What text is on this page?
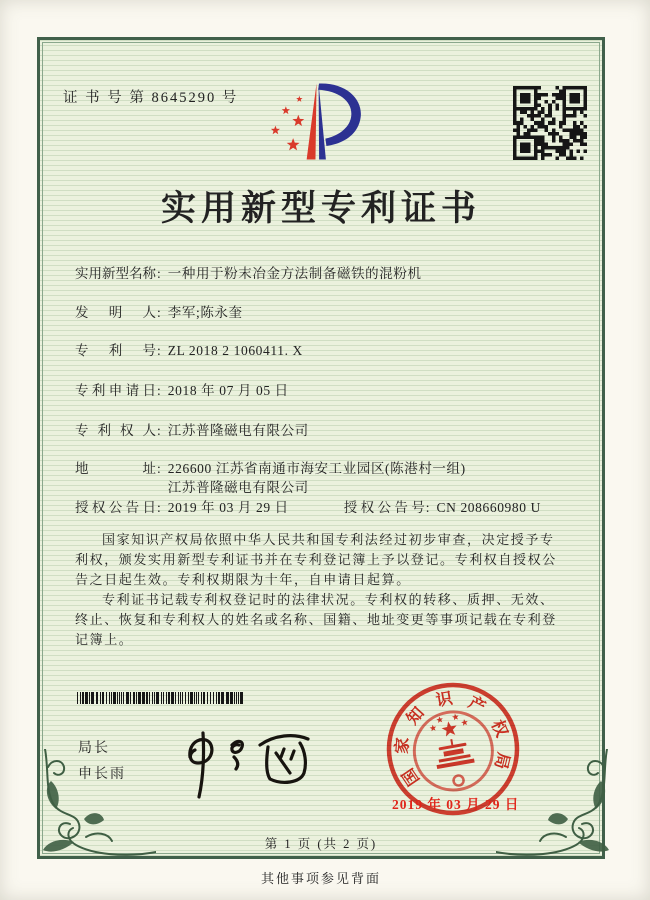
证 书 号 第 8645290 号
实用新型专利证书
实用新型名称 : 一种用于粉末冶金方法制备磁铁的混粉机
发明人 : 李军;陈永奎
专利号 : ZL 2018 2 1060411. X
专利申请日 : 2018 年 07 月 05 日
专利权人 : 江苏普隆磁电有限公司
地址 : 226600 江苏省南通市海安工业园区(陈港村一组)江苏普隆磁电有限公司
授权公告日 : 2019 年 03 月 29 日	授权公告号 : CN 208660980 U

国家知识产权局依照中华人民共和国专利法经过初步审查，决定授予专利权，颁发实用新型专利证书并在专利登记簿上予以登记。专利权自授权公告之日起生效。专利权期限为十年，自申请日起算。

专利证书记载专利权登记时的法律状况。专利权的转移、质押、无效、终止、恢复和专利权人的姓名或名称、国籍、地址变更等事项记载在专利登记簿上。

局长
申长雨	国
家
知
识 产
权
局
2019 年 03 月 29 日
第 1 页 (共 2 页)
其他事项参见背面
